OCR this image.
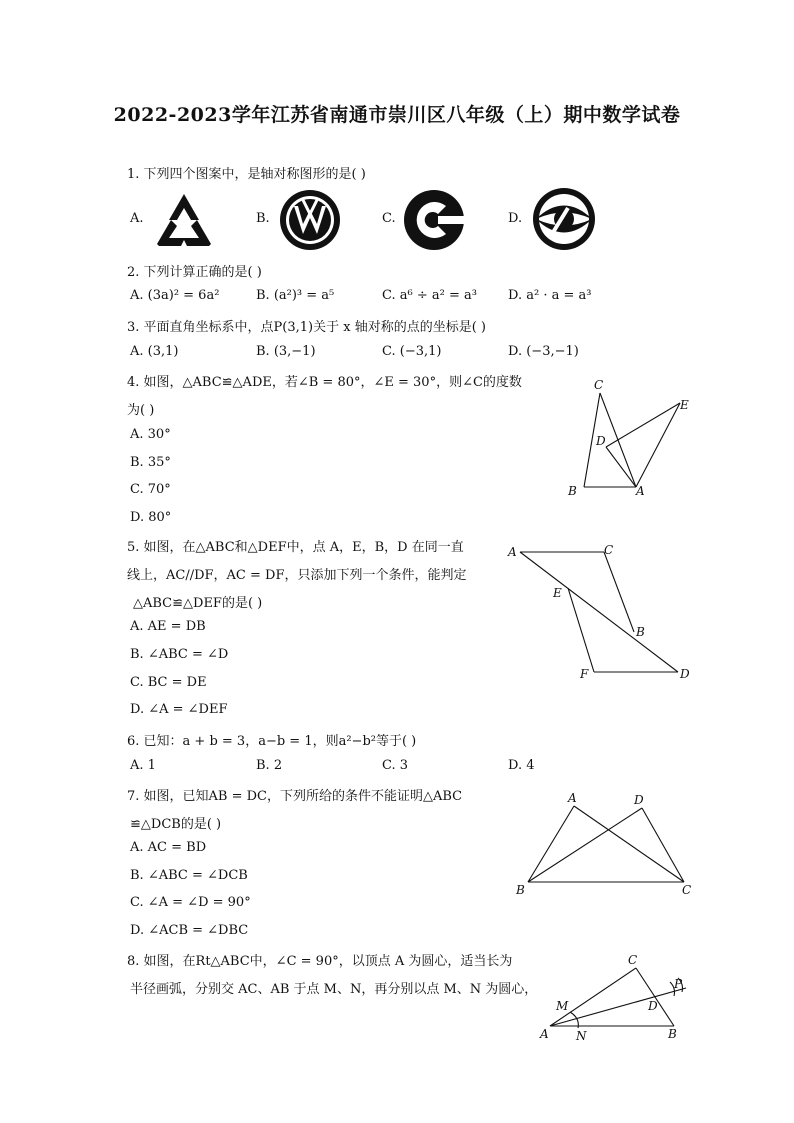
2022-2023学年江苏省南通市崇川区八年级（上）期中数学试卷
1. 下列四个图案中，是轴对称图形的是( )
A.	B.	C.	D.
2. 下列计算正确的是( )
A. (3a)² = 6a²	B. (a²)³ = a⁵	C. a⁶ ÷ a² = a³ D. a² · a = a³
3. 平面直角坐标系中，点P(3,1)关于 x 轴对称的点的坐标是( )
A. (3,1)	B. (3,−1)	C. (−3,1)	D. (−3,−1)
4. 如图，△ABC≌△ADE，若∠B = 80°，∠E = 30°，则∠C的度数
为( )
A. 30°
B. 35°
C. 70°
D. 80°
C
E
D
B	A
5. 如图，在△ABC和△DEF中，点 A，E，B，D 在同一直
线上，AC//DF，AC = DF，只添加下列一个条件，能判定
△ABC≌△DEF的是( )
A. AE = DB
B. ∠ABC = ∠D
C. BC = DE
D. ∠A = ∠DEF
A	C
E
B
F	D
6. 已知：a + b = 3，a−b = 1，则a²−b²等于( )
A. 1	B. 2	C. 3	D. 4
7. 如图，已知AB = DC，下列所给的条件不能证明△ABC
≌△DCB的是( )
A. AC = BD
B. ∠ABC = ∠DCB
C. ∠A = ∠D = 90°
D. ∠ACB = ∠DBC
A	D
B	C
8. 如图，在Rt△ABC中，∠C = 90°，以顶点 A 为圆心，适当长为
半径画弧，分别交 AC、AB 于点 M、N，再分别以点 M、N 为圆心，
C
P
M	D
A N	B
